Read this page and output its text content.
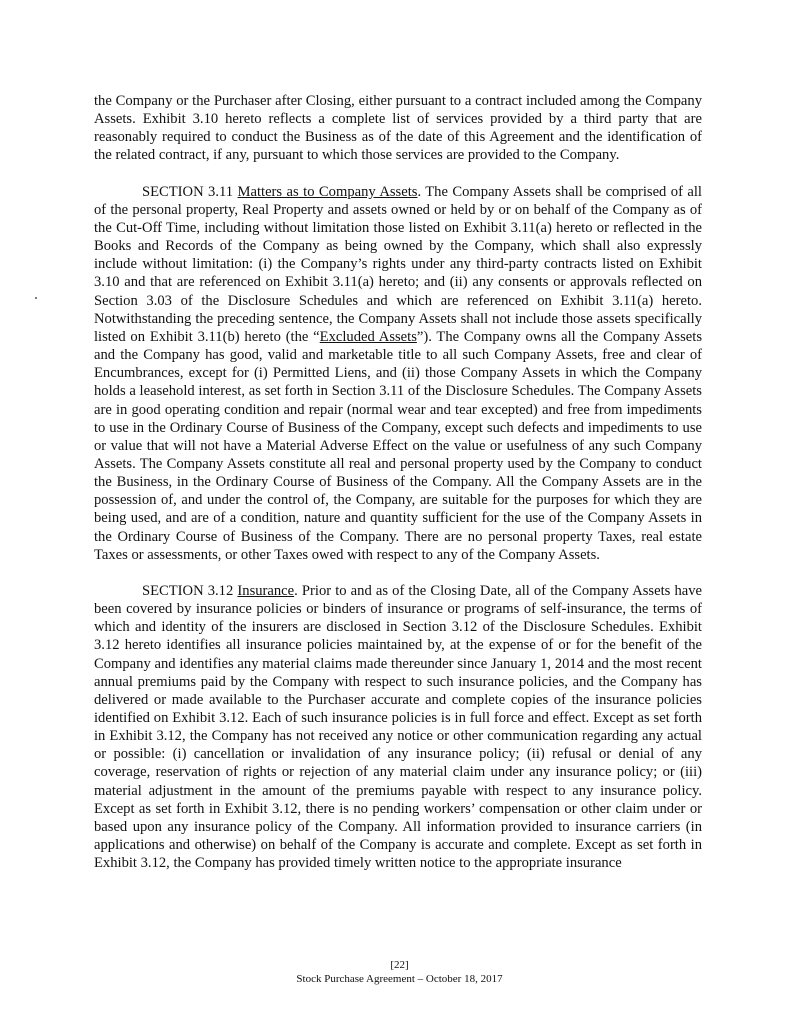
the Company or the Purchaser after Closing, either pursuant to a contract included among the Company Assets. Exhibit 3.10 hereto reflects a complete list of services provided by a third party that are reasonably required to conduct the Business as of the date of this Agreement and the identification of the related contract, if any, pursuant to which those services are provided to the Company.

SECTION 3.11 Matters as to Company Assets. The Company Assets shall be comprised of all of the personal property, Real Property and assets owned or held by or on behalf of the Company as of the Cut-Off Time, including without limitation those listed on Exhibit 3.11(a) hereto or reflected in the Books and Records of the Company as being owned by the Company, which shall also expressly include without limitation: (i) the Company’s rights under any third-party contracts listed on Exhibit 3.10 and that are referenced on Exhibit 3.11(a) hereto; and (ii) any consents or approvals reflected on Section 3.03 of the Disclosure Schedules and which are referenced on Exhibit 3.11(a) hereto. Notwithstanding the preceding sentence, the Company Assets shall not include those assets specifically listed on Exhibit 3.11(b) hereto (the “Excluded Assets”). The Company owns all the Company Assets and the Company has good, valid and marketable title to all such Company Assets, free and clear of Encumbrances, except for (i) Permitted Liens, and (ii) those Company Assets in which the Company holds a leasehold interest, as set forth in Section 3.11 of the Disclosure Schedules. The Company Assets are in good operating condition and repair (normal wear and tear excepted) and free from impediments to use in the Ordinary Course of Business of the Company, except such defects and impediments to use or value that will not have a Material Adverse Effect on the value or usefulness of any such Company Assets. The Company Assets constitute all real and personal property used by the Company to conduct the Business, in the Ordinary Course of Business of the Company. All the Company Assets are in the possession of, and under the control of, the Company, are suitable for the purposes for which they are being used, and are of a condition, nature and quantity sufficient for the use of the Company Assets in the Ordinary Course of Business of the Company. There are no personal property Taxes, real estate Taxes or assessments, or other Taxes owed with respect to any of the Company Assets.

SECTION 3.12 Insurance. Prior to and as of the Closing Date, all of the Company Assets have been covered by insurance policies or binders of insurance or programs of self-insurance, the terms of which and identity of the insurers are disclosed in Section 3.12 of the Disclosure Schedules. Exhibit 3.12 hereto identifies all insurance policies maintained by, at the expense of or for the benefit of the Company and identifies any material claims made thereunder since January 1, 2014 and the most recent annual premiums paid by the Company with respect to such insurance policies, and the Company has delivered or made available to the Purchaser accurate and complete copies of the insurance policies identified on Exhibit 3.12. Each of such insurance policies is in full force and effect. Except as set forth in Exhibit 3.12, the Company has not received any notice or other communication regarding any actual or possible: (i) cancellation or invalidation of any insurance policy; (ii) refusal or denial of any coverage, reservation of rights or rejection of any material claim under any insurance policy; or (iii) material adjustment in the amount of the premiums payable with respect to any insurance policy. Except as set forth in Exhibit 3.12, there is no pending workers’ compensation or other claim under or based upon any insurance policy of the Company. All information provided to insurance carriers (in applications and otherwise) on behalf of the Company is accurate and complete. Except as set forth in Exhibit 3.12, the Company has provided timely written notice to the appropriate insurance

[22]
Stock Purchase Agreement – October 18, 2017
